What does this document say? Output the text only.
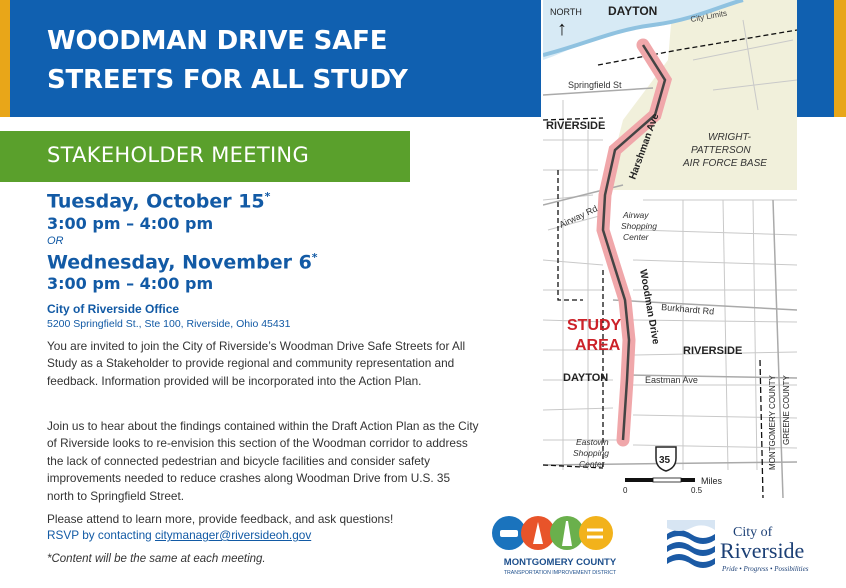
WOODMAN DRIVE SAFE
STREETS FOR ALL STUDY
STAKEHOLDER MEETING
Tuesday, October 15*
3:00 pm – 4:00 pm
OR
Wednesday, November 6*
3:00 pm – 4:00 pm
City of Riverside Office
5200 Springfield St., Ste 100, Riverside, Ohio 45431
You are invited to join the City of Riverside’s Woodman Drive Safe Streets for All Study as a Stakeholder to provide regional and community representation and feedback. Information provided will be incorporated into the Action Plan.
Join us to hear about the findings contained within the Draft Action Plan as the City of Riverside looks to re-envision this section of the Woodman corridor to address the lack of connected pedestrian and bicycle facilities and consider safety improvements needed to reduce crashes along Woodman Drive from U.S. 35 north to Springfield Street.
Please attend to learn more, provide feedback, and ask questions!
RSVP by contacting citymanager@riversideoh.gov
*Content will be the same at each meeting.
NORTH
↑
DAYTON	City Limits
Springfield St
RIVERSIDE Harshman Ave	WRIGHT-
PATTERSON
AIR FORCE BASE
Airway Rd	Airway
Shopping
Center
Woodman Drive Burkhardt Rd
STUDY
AREA	RIVERSIDE
DAYTON	Eastman Ave
Eastown
Shopping
Center	35
Miles
0	0.5
MONTGOMERY COUNTY GREENE COUNTY
MONTGOMERY COUNTY
TRANSPORTATION IMPROVEMENT DISTRICT
City of
Riverside
Pride • Progress • Possibilities
